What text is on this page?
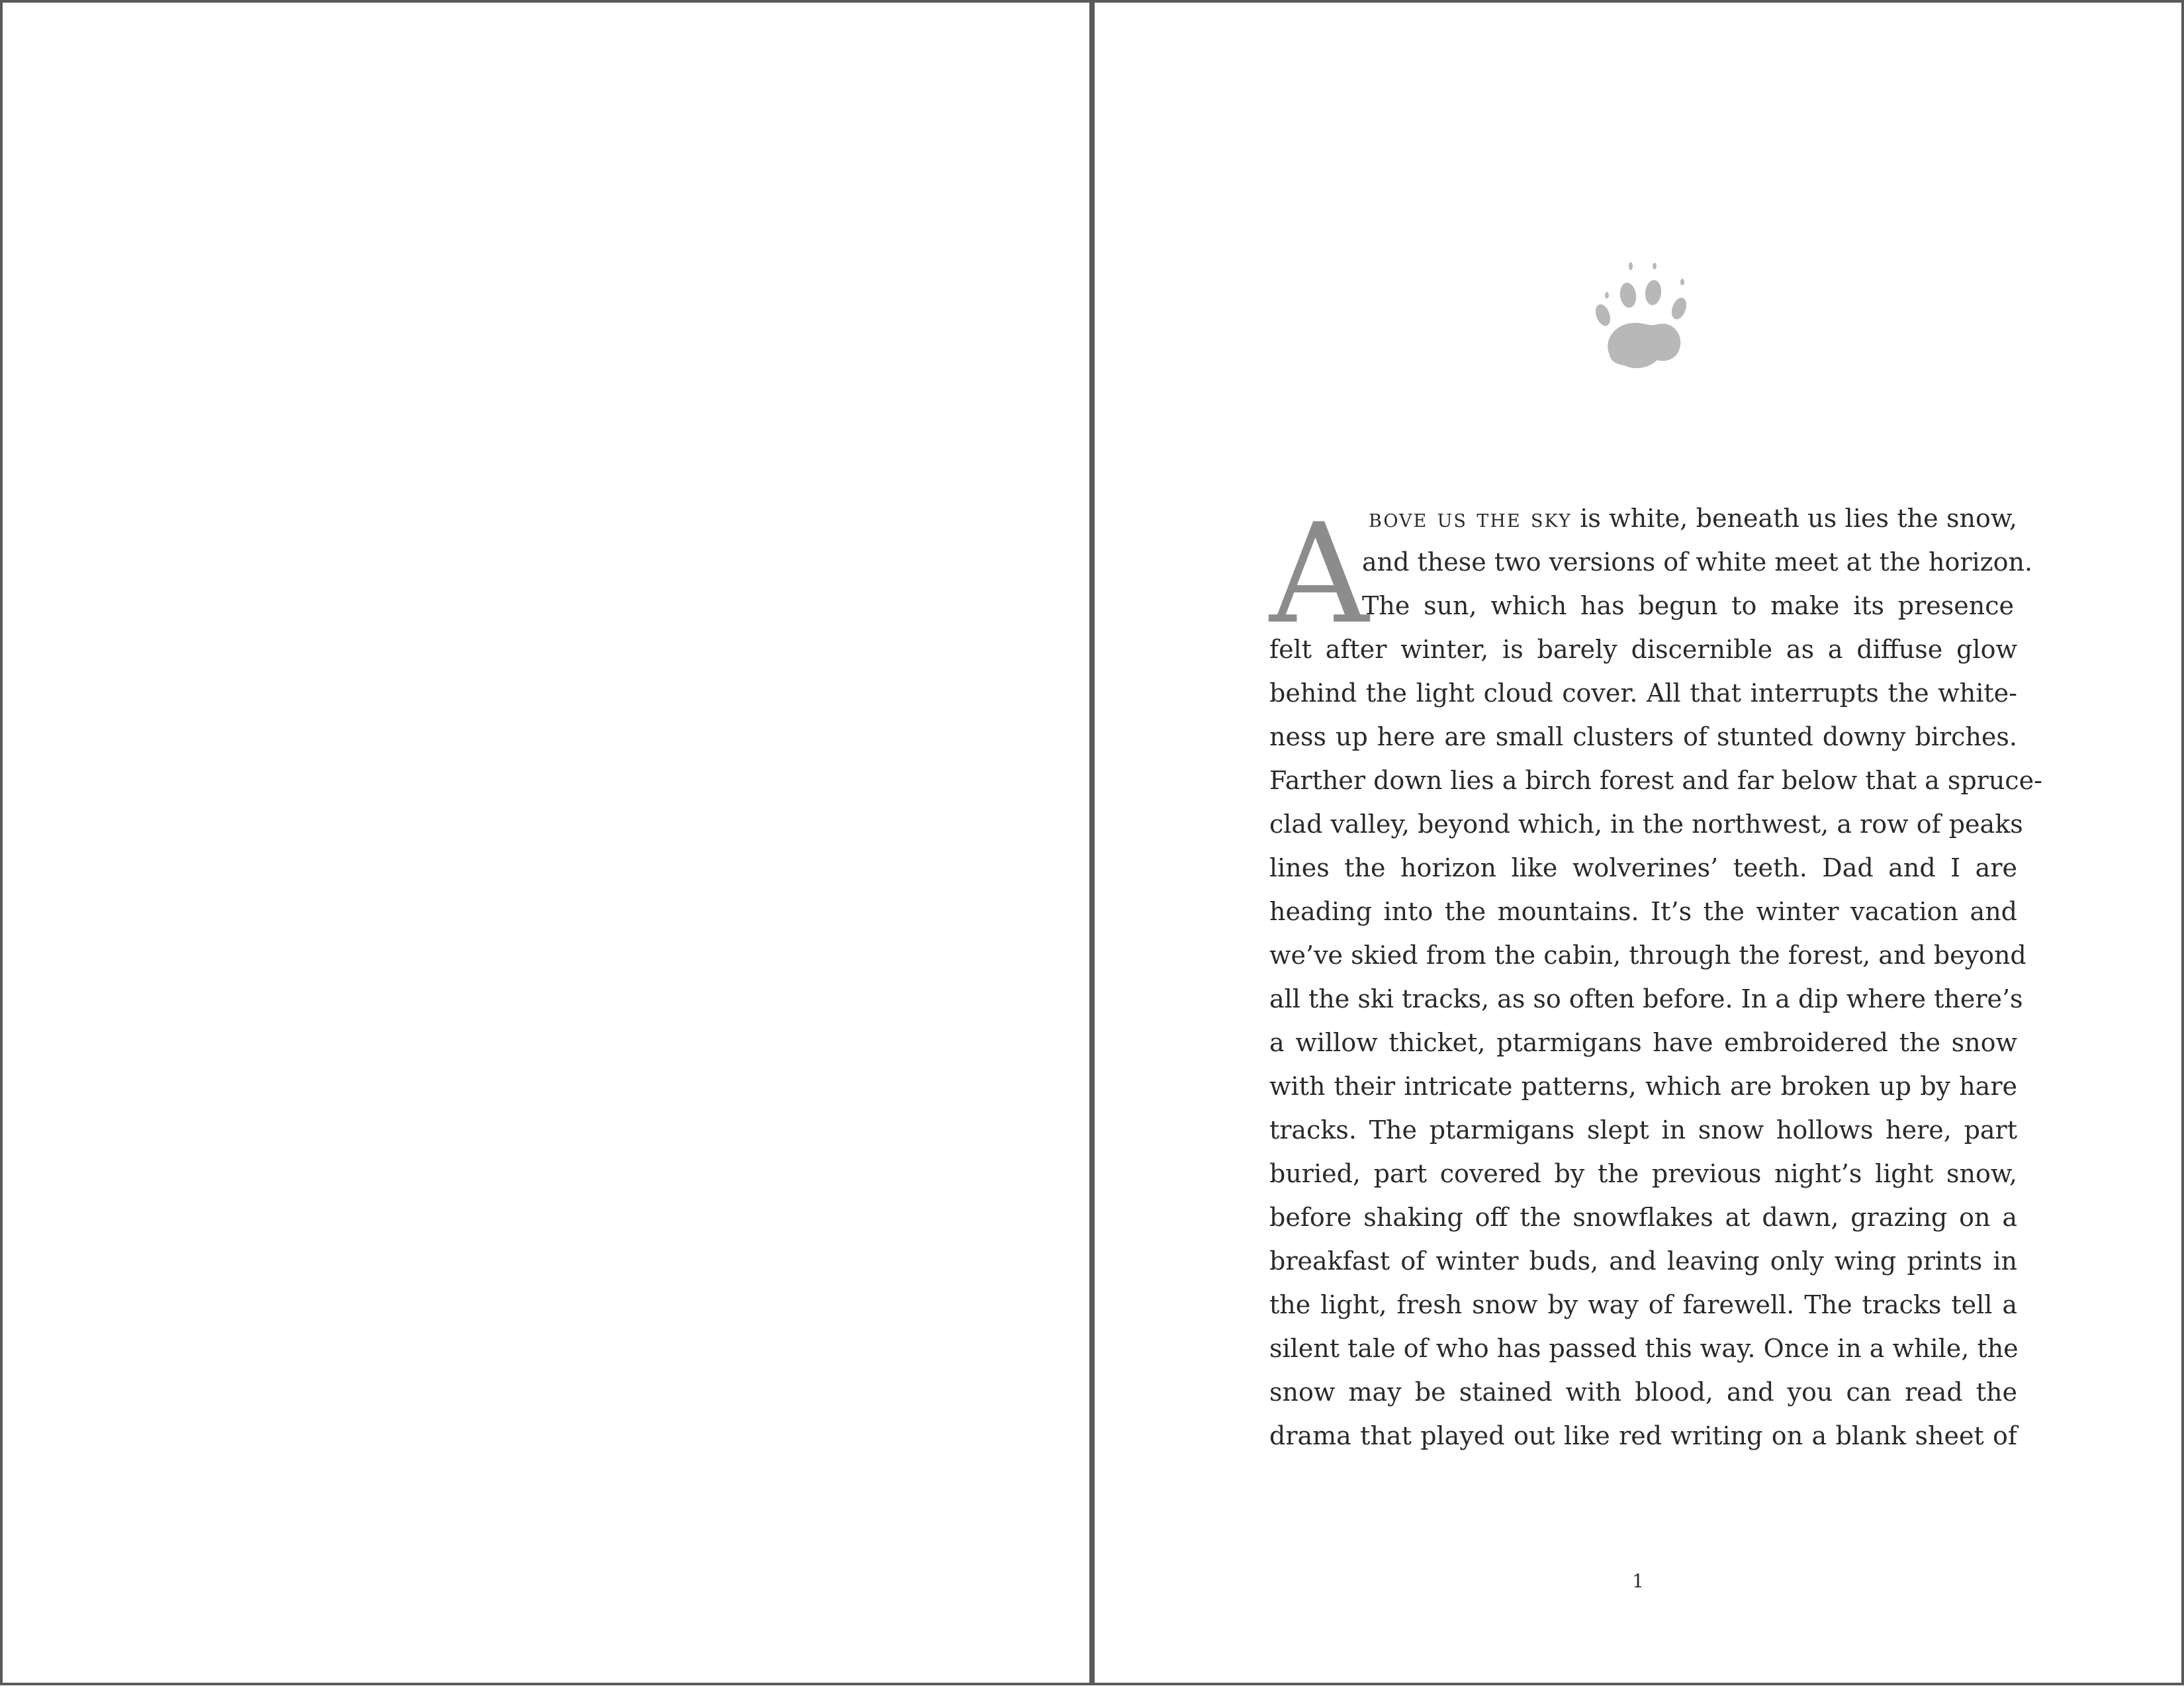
A bove us the sky is white, beneath us lies the snow,
and these two versions of white meet at the horizon.
The sun, which has begun to make its presence
felt after winter, is barely discernible as a diffuse glow
behind the light cloud cover. All that interrupts the white-
ness up here are small clusters of stunted downy birches.
Farther down lies a birch forest and far below that a spruce-
clad valley, beyond which, in the northwest, a row of peaks
lines the horizon like wolverines’ teeth. Dad and I are
heading into the mountains. It’s the winter vacation and
we’ve skied from the cabin, through the forest, and beyond
all the ski tracks, as so often before. In a dip where there’s
a willow thicket, ptarmigans have embroidered the snow
with their intricate patterns, which are broken up by hare
tracks. The ptarmigans slept in snow hollows here, part
buried, part covered by the previous night’s light snow,
before shaking off the snowflakes at dawn, grazing on a
breakfast of winter buds, and leaving only wing prints in
the light, fresh snow by way of farewell. The tracks tell a
silent tale of who has passed this way. Once in a while, the
snow may be stained with blood, and you can read the
drama that played out like red writing on a blank sheet of
1
